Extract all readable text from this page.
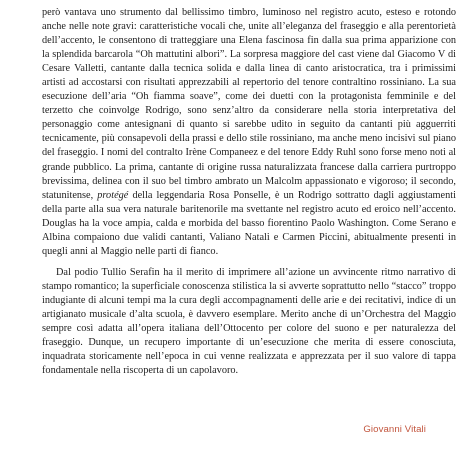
però vantava uno strumento dal bellissimo timbro, luminoso nel registro acuto, esteso e rotondo anche nelle note gravi: caratteristiche vocali che, unite all’eleganza del fraseggio e alla perentorietà dell’accento, le consentono di tratteggiare una Elena fascinosa fin dalla sua prima apparizione con la splendida barcarola “Oh mattutini albori”. La sorpresa maggiore del cast viene dal Giacomo V di Cesare Valletti, cantante dalla tecnica solida e dalla linea di canto aristocratica, tra i primissimi artisti ad accostarsi con risultati apprezzabili al repertorio del tenore contraltino rossiniano. La sua esecuzione dell’aria “Oh fiamma soave”, come dei duetti con la protagonista femminile e del terzetto che coinvolge Rodrigo, sono senz’altro da considerare nella storia interpretativa del personaggio come antesignani di quanto si sarebbe udito in seguito da cantanti più agguerriti tecnicamente, più consapevoli della prassi e dello stile rossiniano, ma anche meno incisivi sul piano del fraseggio. I nomi del contralto Irène Companeez e del tenore Eddy Ruhl sono forse meno noti al grande pubblico. La prima, cantante di origine russa naturalizzata francese dalla carriera purtroppo brevissima, delinea con il suo bel timbro ambrato un Malcolm appassionato e vigoroso; il secondo, statunitense, protégé della leggendaria Rosa Ponselle, è un Rodrigo sottratto dagli aggiustamenti della parte alla sua vera naturale baritenorile ma svettante nel registro acuto ed eroico nell’accento. Douglas ha la voce ampia, calda e morbida del basso fiorentino Paolo Washington. Come Serano e Albina compaiono due validi cantanti, Valiano Natali e Carmen Piccini, abitualmente presenti in quegli anni al Maggio nelle parti di fianco.

Dal podio Tullio Serafin ha il merito di imprimere all’azione un avvincente ritmo narrativo di stampo romantico; la superficiale conoscenza stilistica la si avverte soprattutto nello “stacco” troppo indugiante di alcuni tempi ma la cura degli accompagnamenti delle arie e dei recitativi, indice di un artigianato musicale d’alta scuola, è davvero esemplare. Merito anche di un’Orchestra del Maggio sempre così adatta all’opera italiana dell’Ottocento per colore del suono e per naturalezza del fraseggio. Dunque, un recupero importante di un’esecuzione che merita di essere conosciuta, inquadrata storicamente nell’epoca in cui venne realizzata e apprezzata per il suo valore di tappa fondamentale nella riscoperta di un capolavoro.

Giovanni Vitali
